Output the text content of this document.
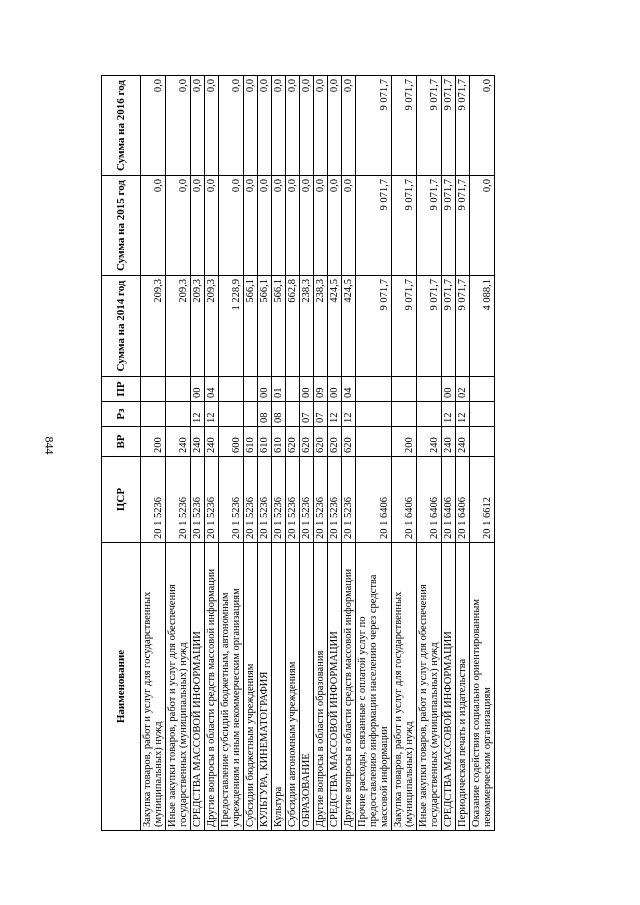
844
Наименование	ЦСР	ВР	Рз	ПР	Сумма на 2014 год	Сумма на 2015 год	Сумма на 2016 год
Закупка товаров, работ и услуг для государственных (муниципальных) нужд	20 1 5236	200			209,3	0,0	0,0
Иные закупки товаров, работ и услуг для обеспечения государственных (муниципальных) нужд	20 1 5236	240			209,3	0,0	0,0
СРЕДСТВА МАССОВОЙ ИНФОРМАЦИИ	20 1 5236	240	12	00	209,3	0,0	0,0
Другие вопросы в области средств массовой информации	20 1 5236	240	12	04	209,3	0,0	0,0
Предоставление субсидий бюджетным, автономным учреждениям и иным некоммерческим организациям	20 1 5236	600			1 228,9	0,0	0,0
Субсидии бюджетным учреждениям	20 1 5236	610			566,1	0,0	0,0
КУЛЬТУРА, КИНЕМАТОГРАФИЯ	20 1 5236	610	08	00	566,1	0,0	0,0
Культура	20 1 5236	610	08	01	566,1	0,0	0,0
Субсидии автономным учреждениям	20 1 5236	620			662,8	0,0	0,0
ОБРАЗОВАНИЕ	20 1 5236	620	07	00	238,3	0,0	0,0
Другие вопросы в области образования	20 1 5236	620	07	09	238,3	0,0	0,0
СРЕДСТВА МАССОВОЙ ИНФОРМАЦИИ	20 1 5236	620	12	00	424,5	0,0	0,0
Другие вопросы в области средств массовой информации	20 1 5236	620	12	04	424,5	0,0	0,0
Прочие расходы, связанные с оплатой услуг по предоставлению информации населению через средства массовой информации	20 1 6406				9 071,7	9 071,7	9 071,7
Закупка товаров, работ и услуг для государственных (муниципальных) нужд	20 1 6406	200			9 071,7	9 071,7	9 071,7
Иные закупки товаров, работ и услуг для обеспечения государственных (муниципальных) нужд	20 1 6406	240			9 071,7	9 071,7	9 071,7
СРЕДСТВА МАССОВОЙ ИНФОРМАЦИИ	20 1 6406	240	12	00	9 071,7	9 071,7	9 071,7
Периодическая печать и издательства	20 1 6406	240	12	02	9 071,7	9 071,7	9 071,7
Оказание содействия социально ориентированным некоммерческим организациям	20 1 6612				4 088,1	0,0	0,0
